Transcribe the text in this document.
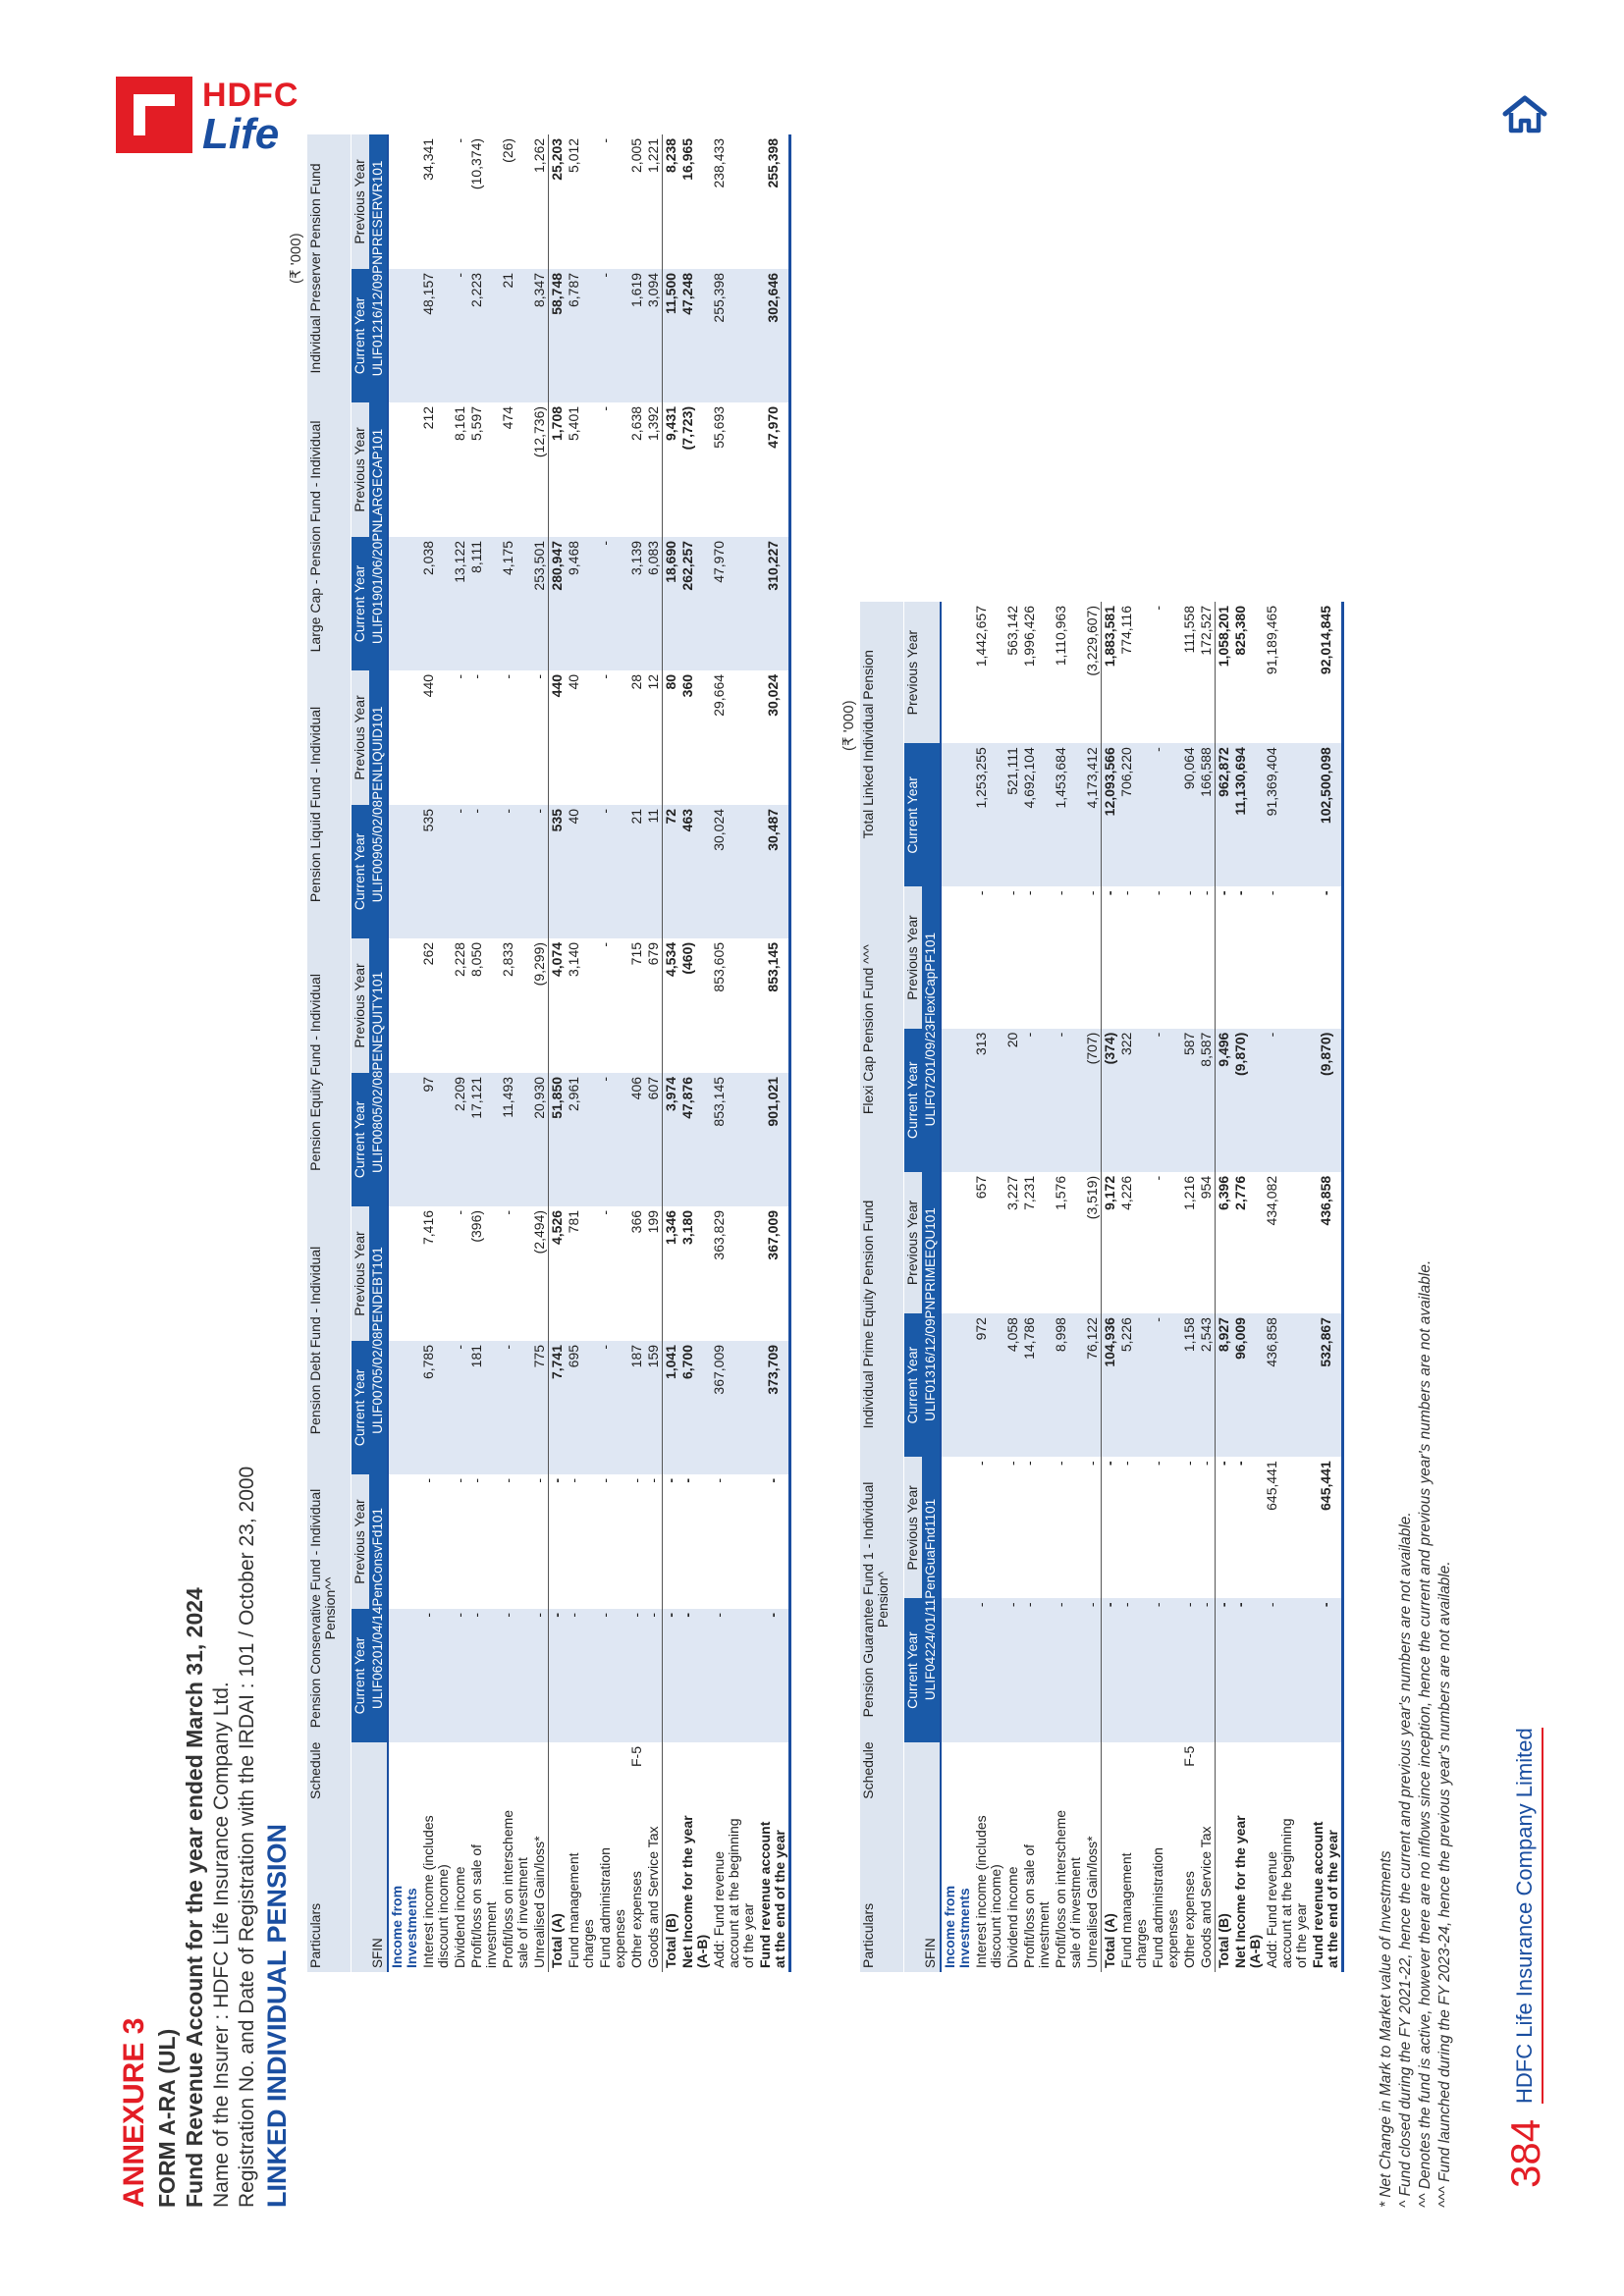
HDFC
Life
384
HDFC Life Insurance Company Limited
ANNEXURE 3 FORM A-RA (UL) Fund Revenue Account for the year ended March 31, 2024 Name of the Insurer : HDFC Life Insurance Company Ltd. Registration No. and Date of Registration with the IRDAI : 101 / October 23, 2000 LINKED INDIVIDUAL PENSION
(₹ '000)
Particulars	Schedule	Pension Conservative Fund - Individual Pension^^		Pension Debt Fund - Individual		Pension Equity Fund - Individual		Pension Liquid Fund - Individual		Large Cap - Pension Fund - Individual		Individual Preserver Pension Fund	
		Current Year	Previous Year	Current Year	Previous Year	Current Year	Previous Year	Current Year	Previous Year	Current Year	Previous Year	Current Year	Previous Year
SFIN		ULIF06201/04/14PenConsvFd101		ULIF00705/02/08PENDEBT101		ULIF00805/02/08PENEQUITY101		ULIF00905/02/08PENLIQUID101		ULIF01901/06/20PNLARGECAP101		ULIF01216/12/09PNPRESERVR101	
Income from Investments													
Interest income (includes discount income)		-	-	6,785	7,416	97	262	535	440	2,038	212	48,157	34,341
Dividend income		-	-	-	-	2,209	2,228	-	-	13,122	8,161	-	-
Profit/loss on sale of investment		-	-	181	(396)	17,121	8,050	-	-	8,111	5,597	2,223	(10,374)
Profit/loss on interscheme sale of investment		-	-	-	-	11,493	2,833	-	-	4,175	474	21	(26)
Unrealised Gain/loss*		-	-	775	(2,494)	20,930	(9,299)	-	-	253,501	(12,736)	8,347	1,262
Total (A)		-	-	7,741	4,526	51,850	4,074	535	440	280,947	1,708	58,748	25,203
Fund management charges		-	-	695	781	2,961	3,140	40	40	9,468	5,401	6,787	5,012
Fund administration expenses		-	-	-	-	-	-	-	-	-	-	-	-
Other expenses	F-5	-	-	187	366	406	715	21	28	3,139	2,638	1,619	2,005
Goods and Service Tax		-	-	159	199	607	679	11	12	6,083	1,392	3,094	1,221
Total (B)		-	-	1,041	1,346	3,974	4,534	72	80	18,690	9,431	11,500	8,238
Net Income for the year (A-B)		-	-	6,700	3,180	47,876	(460)	463	360	262,257	(7,723)	47,248	16,965
Add: Fund revenue account at the beginning of the year		-	-	367,009	363,829	853,145	853,605	30,024	29,664	47,970	55,693	255,398	238,433
Fund revenue account at the end of the year		-	-	373,709	367,009	901,021	853,145	30,487	30,024	310,227	47,970	302,646	255,398
(₹ '000)
Particulars	Schedule	Pension Guarantee Fund 1 - Individual Pension^		Individual Prime Equity Pension Fund		Flexi Cap Pension Fund ^^^		Total Linked Individual Pension	
		Current Year	Previous Year	Current Year	Previous Year	Current Year	Previous Year	Current Year	Previous Year
SFIN		ULIF04224/01/11PenGuaFnd1101		ULIF01316/12/09PNPRIMEEQU101		ULIF07201/09/23FlexiCapPF101			
Income from Investments									
Interest income (includes discount income)		-	-	972	657	313	-	1,253,255	1,442,657
Dividend income		-	-	4,058	3,227	20	-	521,111	563,142
Profit/loss on sale of investment		-	-	14,786	7,231	-	-	4,692,104	1,996,426
Profit/loss on interscheme sale of investment		-	-	8,998	1,576	-	-	1,453,684	1,110,963
Unrealised Gain/loss*		-	-	76,122	(3,519)	(707)	-	4,173,412	(3,229,607)
Total (A)		-	-	104,936	9,172	(374)	-	12,093,566	1,883,581
Fund management charges		-	-	5,226	4,226	322	-	706,220	774,116
Fund administration expenses		-	-	-	-	-	-	-	-
Other expenses	F-5	-	-	1,158	1,216	587	-	90,064	111,558
Goods and Service Tax		-	-	2,543	954	8,587	-	166,588	172,527
Total (B)		-	-	8,927	6,396	9,496	-	962,872	1,058,201
Net Income for the year (A-B)		-	-	96,009	2,776	(9,870)	-	11,130,694	825,380
Add: Fund revenue account at the beginning of the year		-	645,441	436,858	434,082	-	-	91,369,404	91,189,465
Fund revenue account at the end of the year		-	645,441	532,867	436,858	(9,870)	-	102,500,098	92,014,845
* Net Change in Mark to Market value of Investments ^ Fund closed during the FY 2021-22, hence the current and previous year's numbers are not available. ^^ Denotes the fund is active, however there are no inflows since inception, hence the current and previous year's numbers are not available. ^^^ Fund launched during the FY 2023-24, hence the previous year's numbers are not available.
